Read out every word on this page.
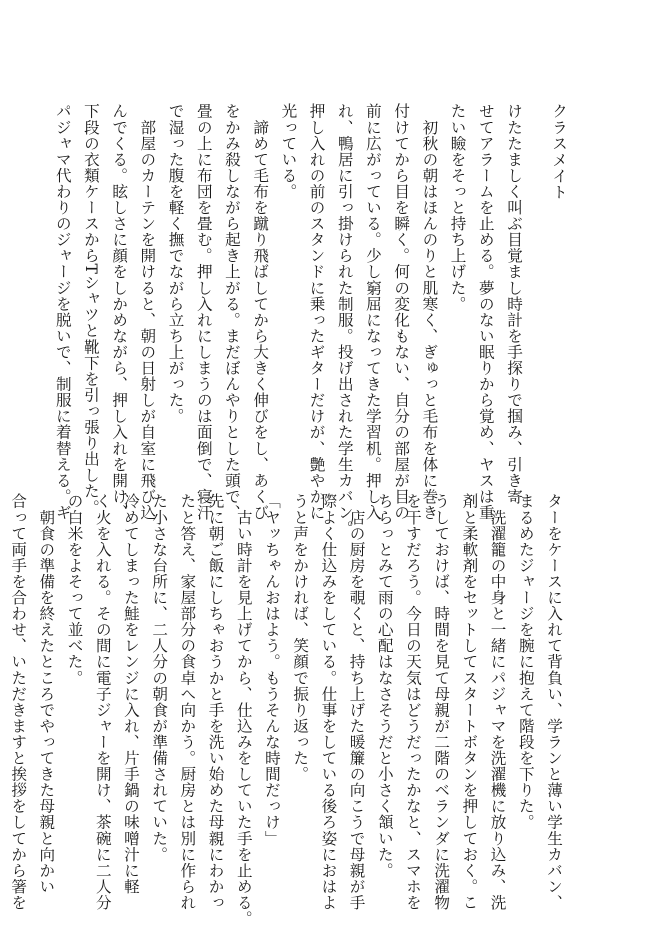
クラスメイト
けたたましく叫ぶ目覚まし時計を手探りで掴み、引き寄
せてアラームを止める。夢のない眠りから覚め、ヤスは重
たい瞼をそっと持ち上げた。
　初秋の朝はほんのりと肌寒く、ぎゅっと毛布を体に巻き
付けてから目を瞬く。何の変化もない、自分の部屋が目の
前に広がっている。少し窮屈になってきた学習机。押し入
れ、鴨居に引っ掛けられた制服。投げ出された学生カバン。
押し入れの前のスタンドに乗ったギターだけが、艶やかに
光っている。
　諦めて毛布を蹴り飛ばしてから大きく伸びをし、あくび
をかみ殺しながら起き上がる。まだぼんやりとした頭で、
畳の上に布団を畳む。押し入れにしまうのは面倒で、寝汗
で湿った腹を軽く撫でながら立ち上がった。
　部屋のカーテンを開けると、朝の日射しが自室に飛び込
んでくる。眩しさに顔をしかめながら、押し入れを開け、
下段の衣類ケースからTシャツと靴下を引っ張り出した。
パジャマ代わりのジャージを脱いで、制服に着替える。ギ
ターをケースに入れて背負い、学ランと薄い学生カバン、
まるめたジャージを腕に抱えて階段を下りた。
　洗濯籠の中身と一緒にパジャマを洗濯機に放り込み、洗
剤と柔軟剤をセットしてスタートボタンを押しておく。こ
うしておけば、時間を見て母親が二階のベランダに洗濯物
を干すだろう。今日の天気はどうだったかなと、スマホを
ちらっとみて雨の心配はなさそうだと小さく頷いた。
　店の厨房を覗くと、持ち上げた暖簾の向こうで母親が手
際よく仕込みをしている。仕事をしている後ろ姿におはよ
うと声をかければ、笑顔で振り返った。
「ヤッちゃんおはよう。もうそんな時間だっけ」
　古い時計を見上げてから、仕込みをしていた手を止める。
先に朝ご飯にしちゃおうかと手を洗い始めた母親にわかっ
たと答え、家屋部分の食卓へ向かう。厨房とは別に作られ
た小さな台所に、二人分の朝食が準備されていた。
冷めてしまった鮭をレンジに入れ、片手鍋の味噌汁に軽
く火を入れる。その間に電子ジャーを開け、茶碗に二人分
の白米をよそって並べた。
　朝食の準備を終えたところでやってきた母親と向かい
合って両手を合わせ、いただきますと挨拶をしてから箸を
